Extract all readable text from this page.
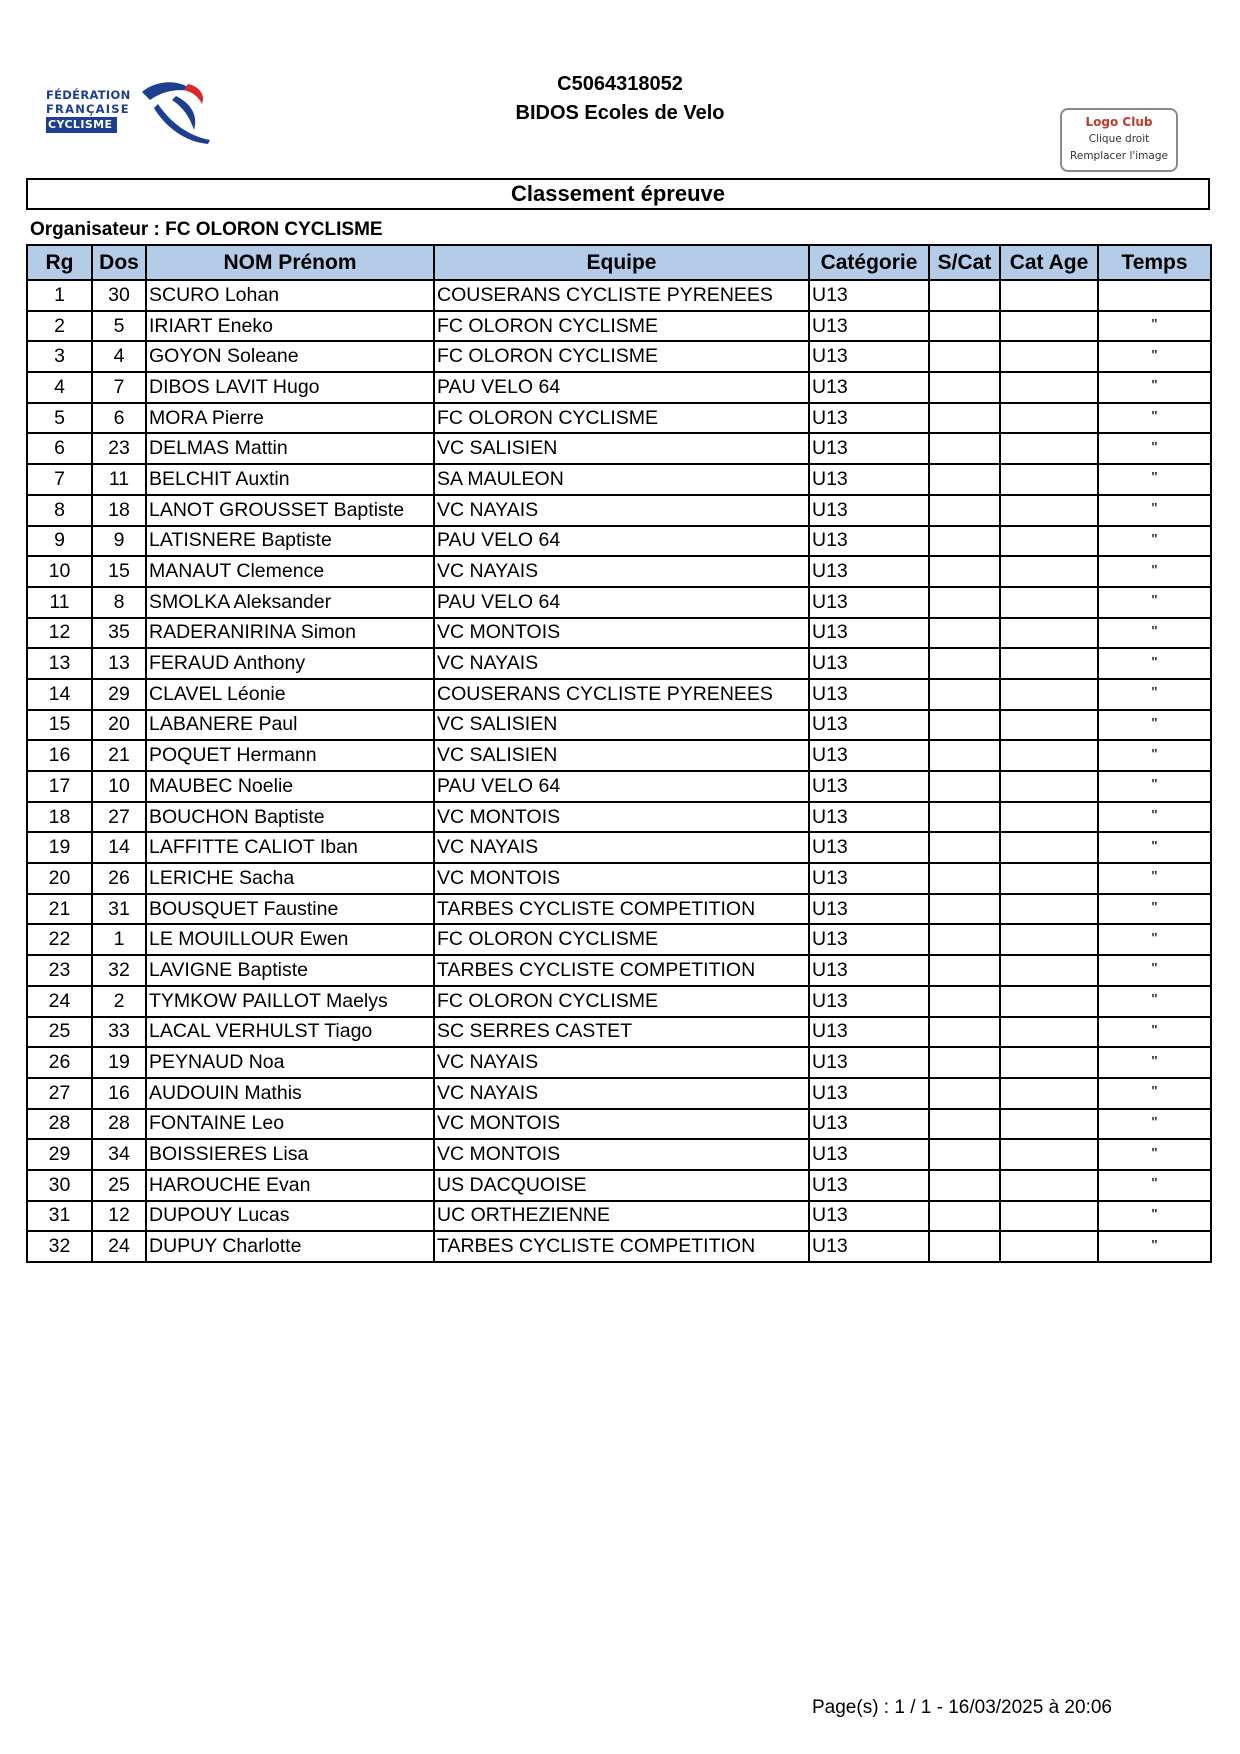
FÉDÉRATION
FRANÇAISE
CYCLISME
C5064318052
BIDOS Ecoles de Velo	Logo Club
Clique droit
Remplacer l'image
Classement épreuve
Organisateur : FC OLORON CYCLISME
Rg	Dos	NOM Prénom	Equipe	Catégorie	S/Cat	Cat Age	Temps
1	30	SCURO Lohan	COUSERANS CYCLISTE PYRENEES	U13			
2	5	IRIART Eneko	FC OLORON CYCLISME	U13			"
3	4	GOYON Soleane	FC OLORON CYCLISME	U13			"
4	7	DIBOS LAVIT Hugo	PAU VELO 64	U13			"
5	6	MORA Pierre	FC OLORON CYCLISME	U13			"
6	23	DELMAS Mattin	VC SALISIEN	U13			"
7	11	BELCHIT Auxtin	SA MAULEON	U13			"
8	18	LANOT GROUSSET Baptiste	VC NAYAIS	U13			"
9	9	LATISNERE Baptiste	PAU VELO 64	U13			"
10	15	MANAUT Clemence	VC NAYAIS	U13			"
11	8	SMOLKA Aleksander	PAU VELO 64	U13			"
12	35	RADERANIRINA Simon	VC MONTOIS	U13			"
13	13	FERAUD Anthony	VC NAYAIS	U13			"
14	29	CLAVEL Léonie	COUSERANS CYCLISTE PYRENEES	U13			"
15	20	LABANERE Paul	VC SALISIEN	U13			"
16	21	POQUET Hermann	VC SALISIEN	U13			"
17	10	MAUBEC Noelie	PAU VELO 64	U13			"
18	27	BOUCHON Baptiste	VC MONTOIS	U13			"
19	14	LAFFITTE CALIOT Iban	VC NAYAIS	U13			"
20	26	LERICHE Sacha	VC MONTOIS	U13			"
21	31	BOUSQUET Faustine	TARBES CYCLISTE COMPETITION	U13			"
22	1	LE MOUILLOUR Ewen	FC OLORON CYCLISME	U13			"
23	32	LAVIGNE Baptiste	TARBES CYCLISTE COMPETITION	U13			"
24	2	TYMKOW PAILLOT Maelys	FC OLORON CYCLISME	U13			"
25	33	LACAL VERHULST Tiago	SC SERRES CASTET	U13			"
26	19	PEYNAUD Noa	VC NAYAIS	U13			"
27	16	AUDOUIN Mathis	VC NAYAIS	U13			"
28	28	FONTAINE Leo	VC MONTOIS	U13			"
29	34	BOISSIERES Lisa	VC MONTOIS	U13			"
30	25	HAROUCHE Evan	US DACQUOISE	U13			"
31	12	DUPOUY Lucas	UC ORTHEZIENNE	U13			"
32	24	DUPUY Charlotte	TARBES CYCLISTE COMPETITION	U13			"
Page(s) : 1 / 1 - 16/03/2025 à 20:06
